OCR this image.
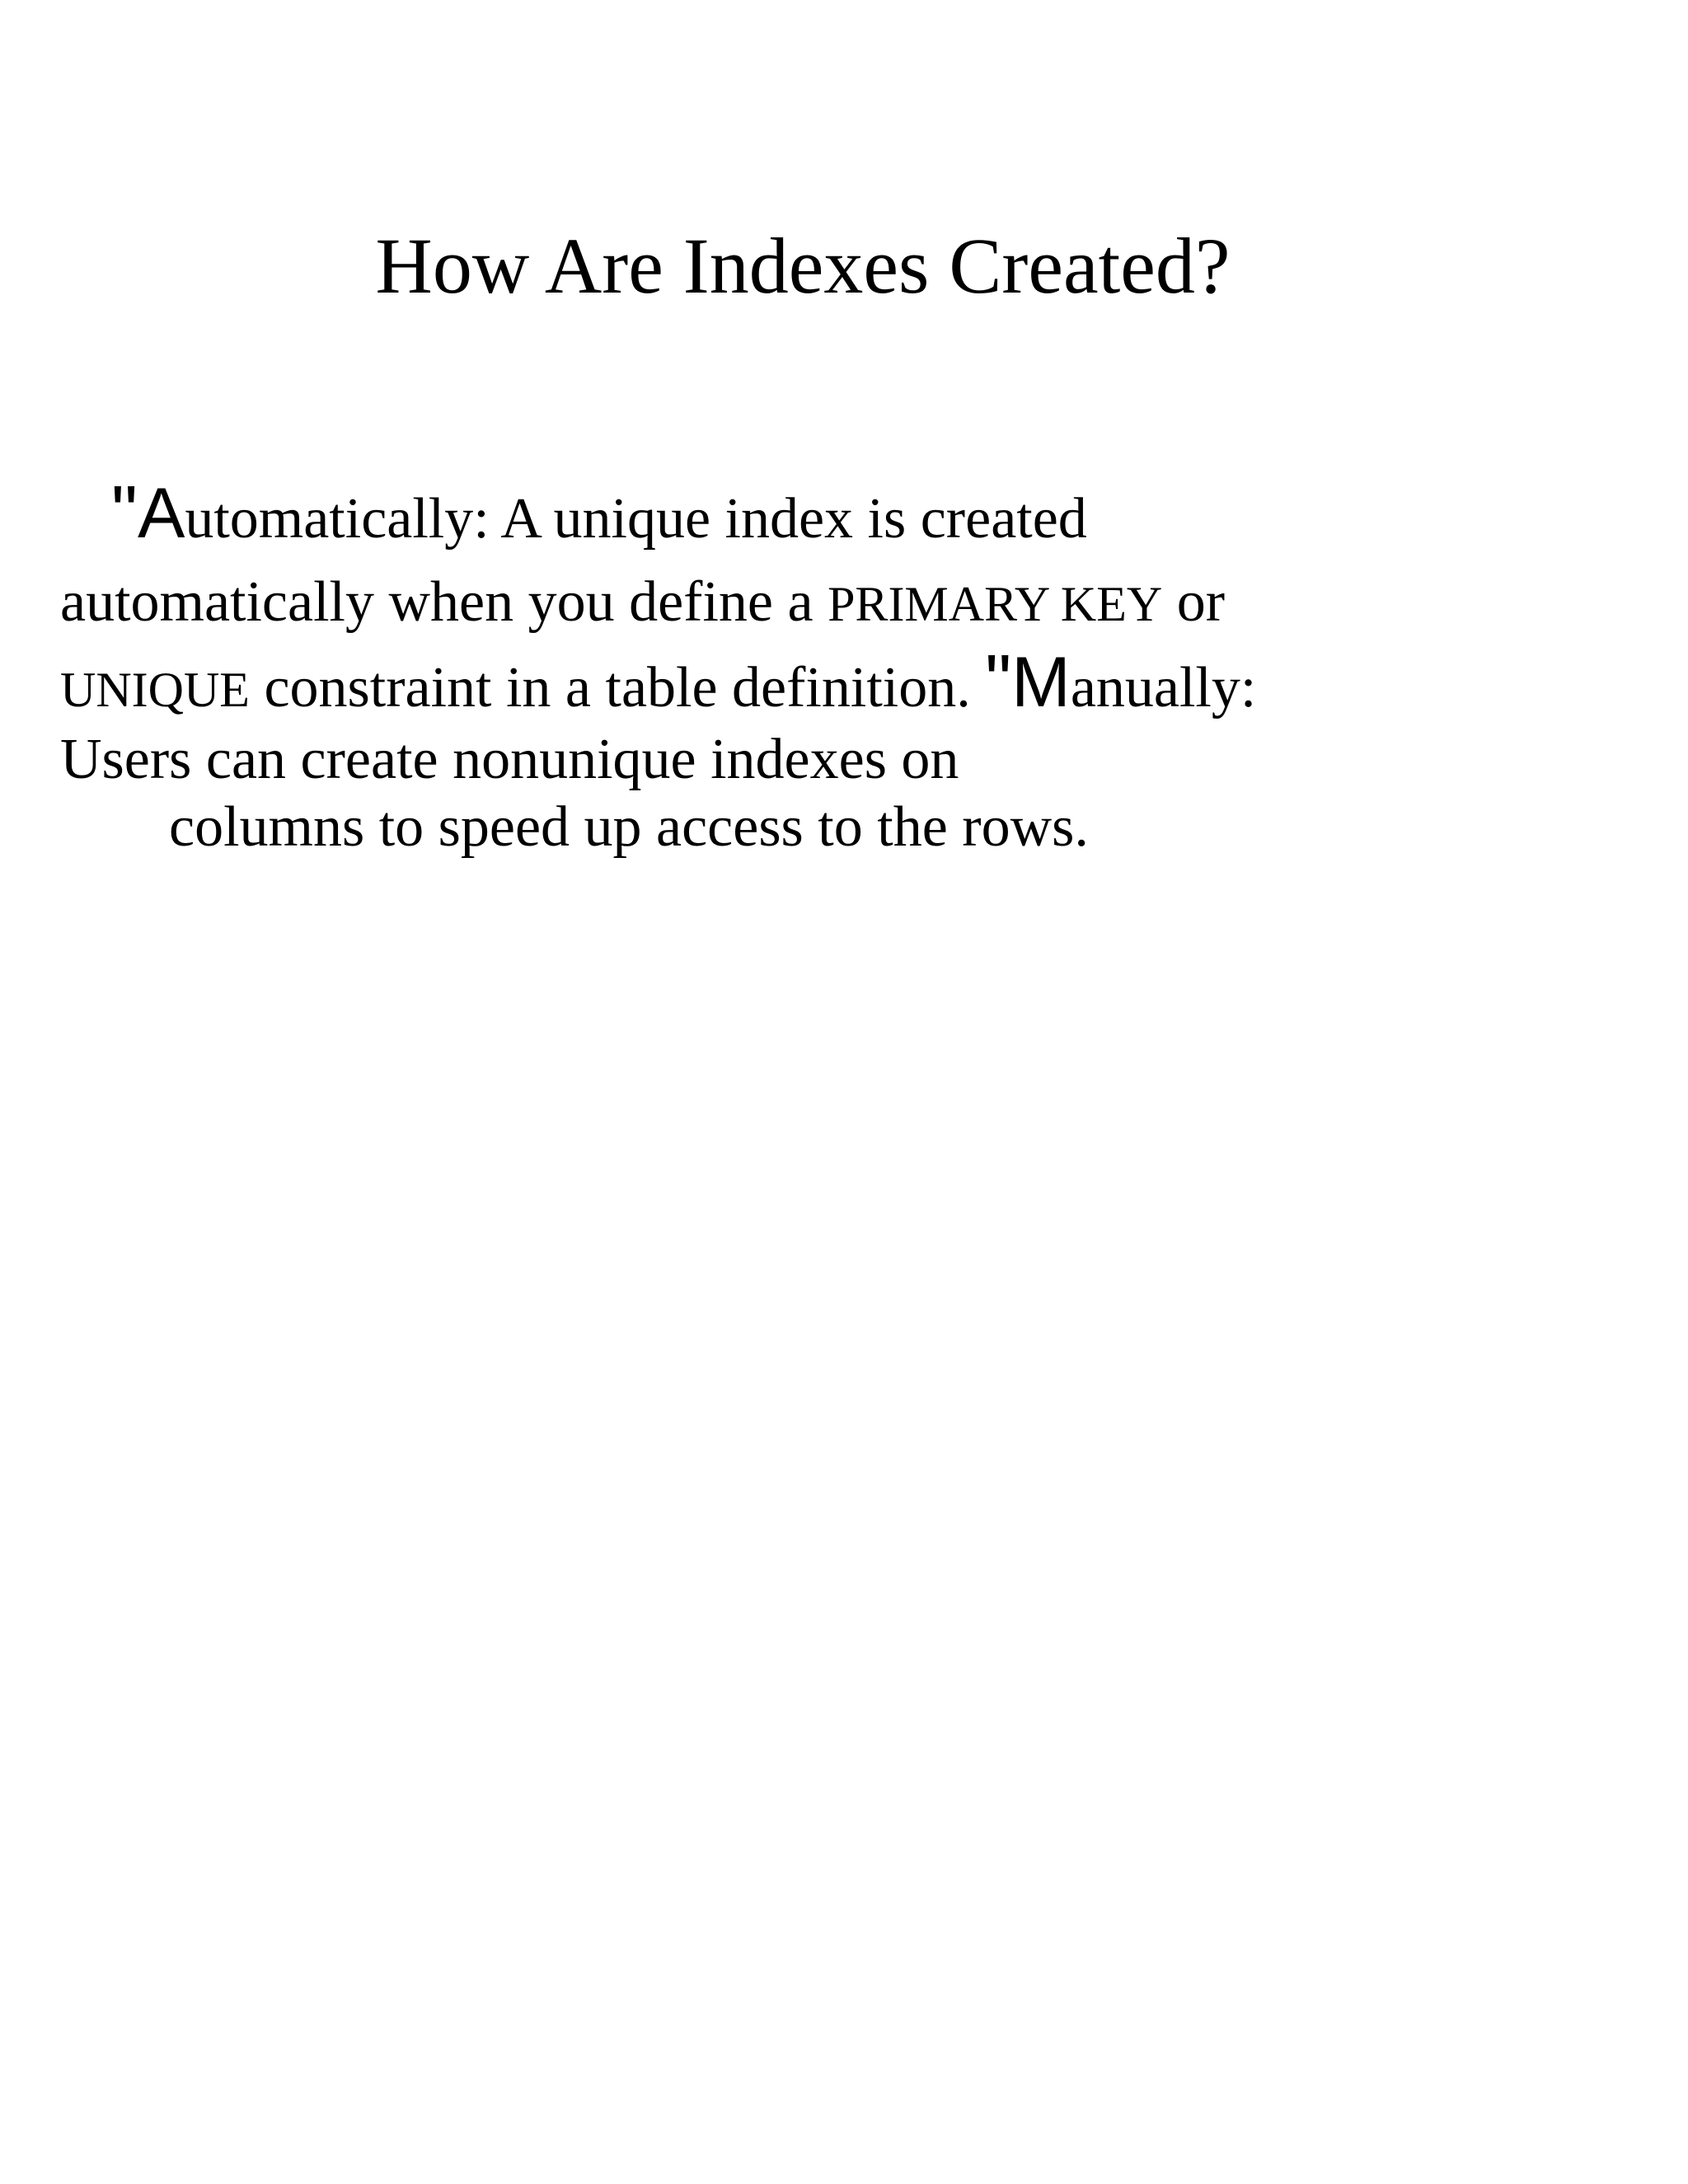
How Are Indexes Created?
"Automatically: A unique index is created
automatically when you define a PRIMARY KEY or
UNIQUE constraint in a table definition. "Manually:
Users can create nonunique indexes on
columns to speed up access to the rows.
